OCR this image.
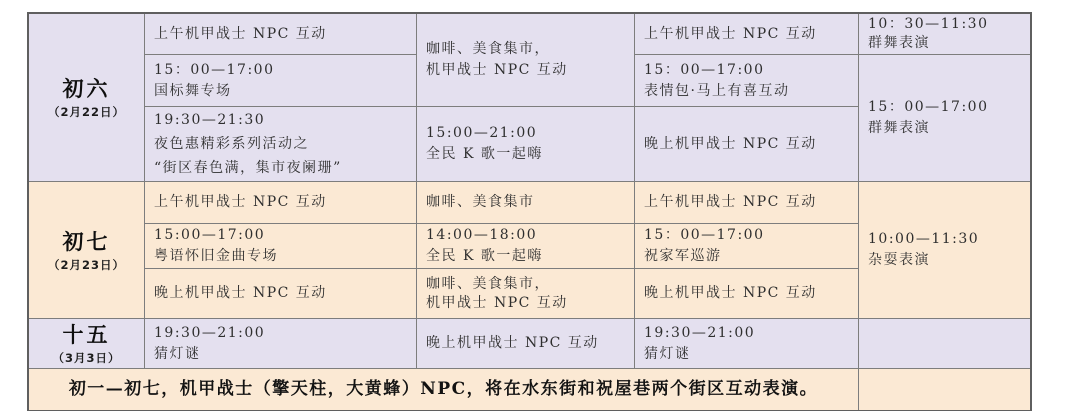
初六
（2月22日）
上午机甲战士 NPC 互动
15：00—17:00
国标舞专场
19:30—21:30
夜色惠精彩系列活动之
“街区春色满，集市夜阑珊”
咖啡、美食集市，
机甲战士 NPC 互动
15:00—21:00
全民 K 歌一起嗨
上午机甲战士 NPC 互动
15：00—17:00
表情包·马上有喜互动
晚上机甲战士 NPC 互动
10：30—11:30
群舞表演
15：00—17:00
群舞表演
初七
（2月23日）
上午机甲战士 NPC 互动
15:00—17:00
粤语怀旧金曲专场
晚上机甲战士 NPC 互动
咖啡、美食集市
14:00—18:00
全民 K 歌一起嗨
咖啡、美食集市，
机甲战士 NPC 互动
上午机甲战士 NPC 互动
15：00—17:00
祝家军巡游
晚上机甲战士 NPC 互动
10:00—11:30
杂耍表演
十五
（3月3日）
19:30—21:00
猜灯谜
晚上机甲战士 NPC 互动
19:30—21:00
猜灯谜
初一—初七，机甲战士（擎天柱，大黄蜂）NPC，将在水东街和祝屋巷两个街区互动表演。
